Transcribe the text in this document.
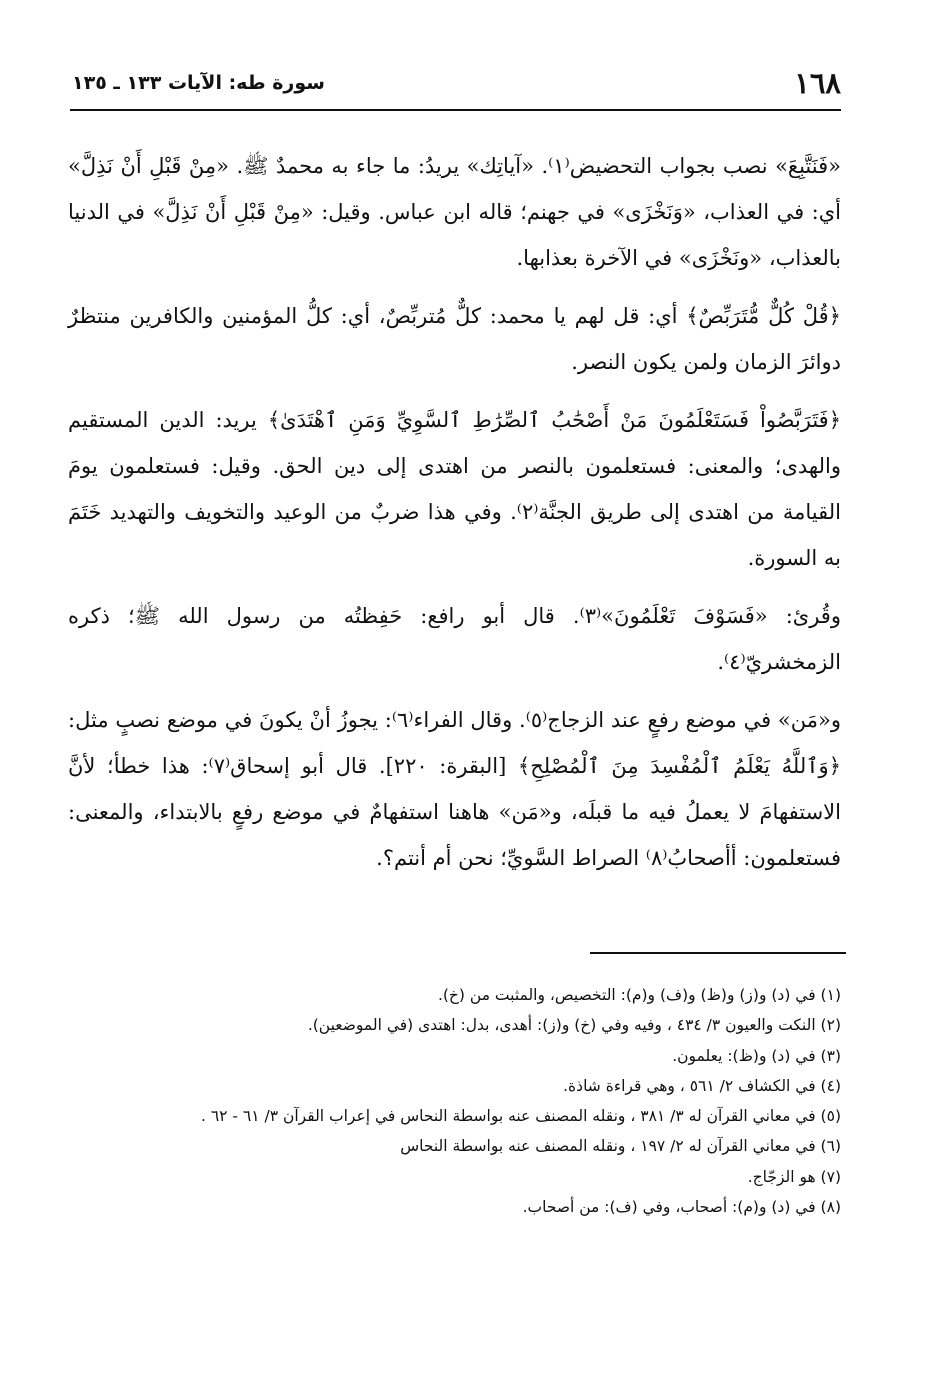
١٦٨
سورة طه: الآيات ١٣٣ ـ ١٣٥

«فَنَتَّبِعَ» نصب بجواب التحضيض⁽١⁾. «آياتِك» يريدُ: ما جاء به محمدٌ ﷺ. «مِنْ قَبْلِ أَنْ نَذِلَّ» أي: في العذاب، «وَنَخْزَى» في جهنم؛ قاله ابن عباس. وقيل: «مِنْ قَبْلِ أَنْ نَذِلَّ» في الدنيا بالعذاب، «ونَخْزَى» في الآخرة بعذابها.

﴿قُلْ كُلٌّ مُّتَرَبِّصٌ﴾ أي: قل لهم يا محمد: كلٌّ مُتربِّصٌ، أي: كلُّ المؤمنين والكافرين منتظرٌ دوائرَ الزمان ولمن يكون النصر.

﴿فَتَرَبَّصُواْ فَسَتَعْلَمُونَ مَنْ أَصْحَٰبُ ٱلصِّرَٰطِ ٱلسَّوِيِّ وَمَنِ ٱهْتَدَىٰ﴾ يريد: الدين المستقيم والهدى؛ والمعنى: فستعلمون بالنصر من اهتدى إلى دين الحق. وقيل: فستعلمون يومَ القيامة من اهتدى إلى طريق الجنَّة⁽٢⁾. وفي هذا ضربٌ من الوعيد والتخويف والتهديد خَتَمَ به السورة.

وقُرئ: «فَسَوْفَ تَعْلَمُونَ»⁽٣⁾. قال أبو رافع: حَفِظتُه من رسول الله ﷺ؛ ذكره الزمخشريّ⁽٤⁾.

و«مَن» في موضع رفعٍ عند الزجاج⁽٥⁾. وقال الفراء⁽٦⁾: يجوزُ أنْ يكونَ في موضع نصبٍ مثل: ﴿وَٱللَّهُ يَعْلَمُ ٱلْمُفْسِدَ مِنَ ٱلْمُصْلِحِ﴾ [البقرة: ٢٢٠]. قال أبو إسحاق⁽٧⁾: هذا خطأ؛ لأنَّ الاستفهامَ لا يعملُ فيه ما قبلَه، و«مَن» هاهنا استفهامٌ في موضع رفعٍ بالابتداء، والمعنى: فستعلمون: أأصحابُ⁽٨⁾ الصراط السَّويِّ؛ نحن أم أنتم؟.

(١) في (د) و(ز) و(ظ) و(ف) و(م): التخصيص، والمثبت من (خ).
(٢) النكت والعيون ٣/ ٤٣٤ ، وفيه وفي (خ) و(ز): أهدى، بدل: اهتدى (في الموضعين).
(٣) في (د) و(ظ): يعلمون.
(٤) في الكشاف ٢/ ٥٦١ ، وهي قراءة شاذة.
(٥) في معاني القرآن له ٣/ ٣٨١ ، ونقله المصنف عنه بواسطة النحاس في إعراب القرآن ٣/ ٦١ - ٦٢ .
(٦) في معاني القرآن له ٢/ ١٩٧ ، ونقله المصنف عنه بواسطة النحاس
(٧) هو الزجّاج.
(٨) في (د) و(م): أصحاب، وفي (ف): من أصحاب.
